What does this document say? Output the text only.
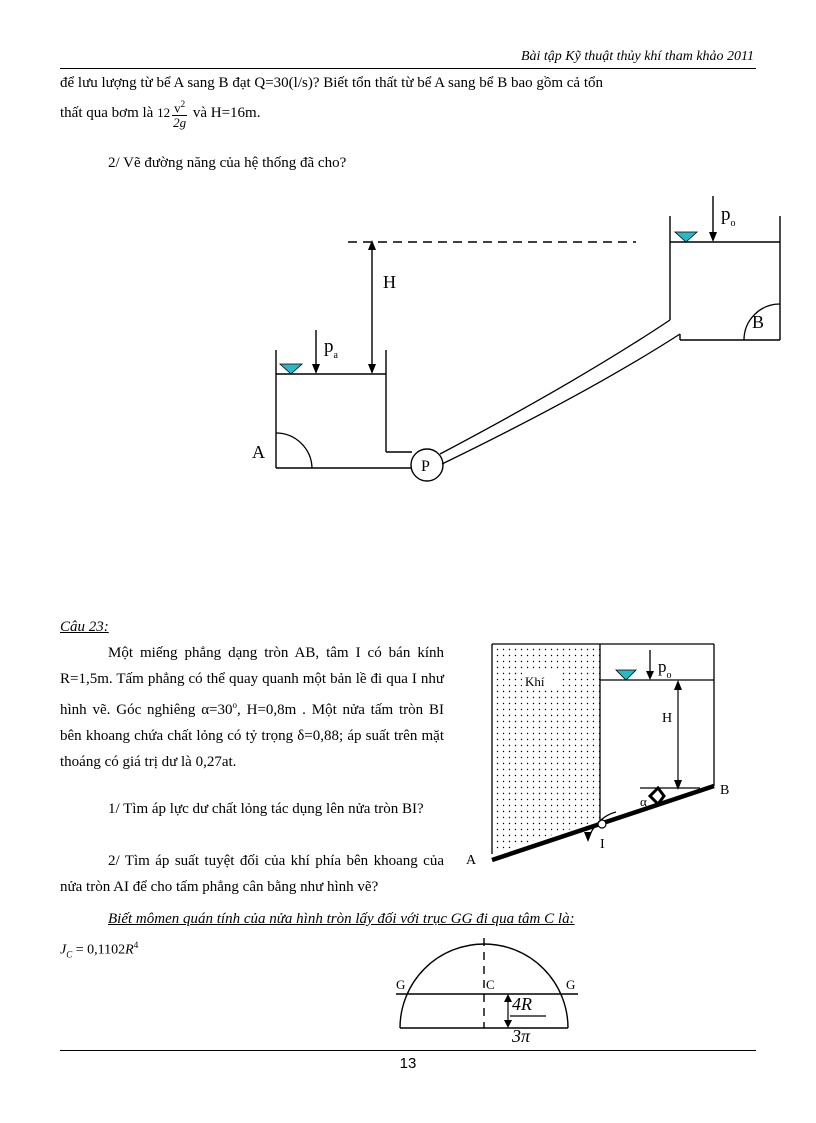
Bài tập Kỹ thuật thủy khí tham khảo 2011
để lưu lượng từ bể A sang B đạt Q=30(l/s)? Biết tổn thất từ bể A sang bể B bao gồm cả tổn
thất qua bơm là $12 \frac{v^2}{2g}$ và H=16m.
2/ Vẽ đường năng của hệ thống đã cho?
H
A
$p_a$
P
B
$p_o$
Câu 23:
Một miếng phẳng dạng tròn AB, tâm I có bán kính R=1,5m. Tấm phẳng có thể quay quanh một bản lề đi qua I như hình vẽ. Góc nghiêng $\alpha=30^o$, H=0,8m . Một nửa tấm tròn BI bên khoang chứa chất lỏng có tỷ trọng δ=0,88; áp suất trên mặt thoáng có giá trị dư là 0,27at.
1/ Tìm áp lực dư chất lỏng tác dụng lên nửa tròn BI?
2/ Tìm áp suất tuyệt đối của khí phía bên khoang của nửa tròn AI để cho tấm phẳng cân bằng như hình vẽ?
Biết mômen quán tính của nửa hình tròn lấy đối với trục GG đi qua tâm C là:
$J_C = 0,1102R^4$
Khí
$p_o$
H
A
B
I
α
G	G
C
4R
3π
13
